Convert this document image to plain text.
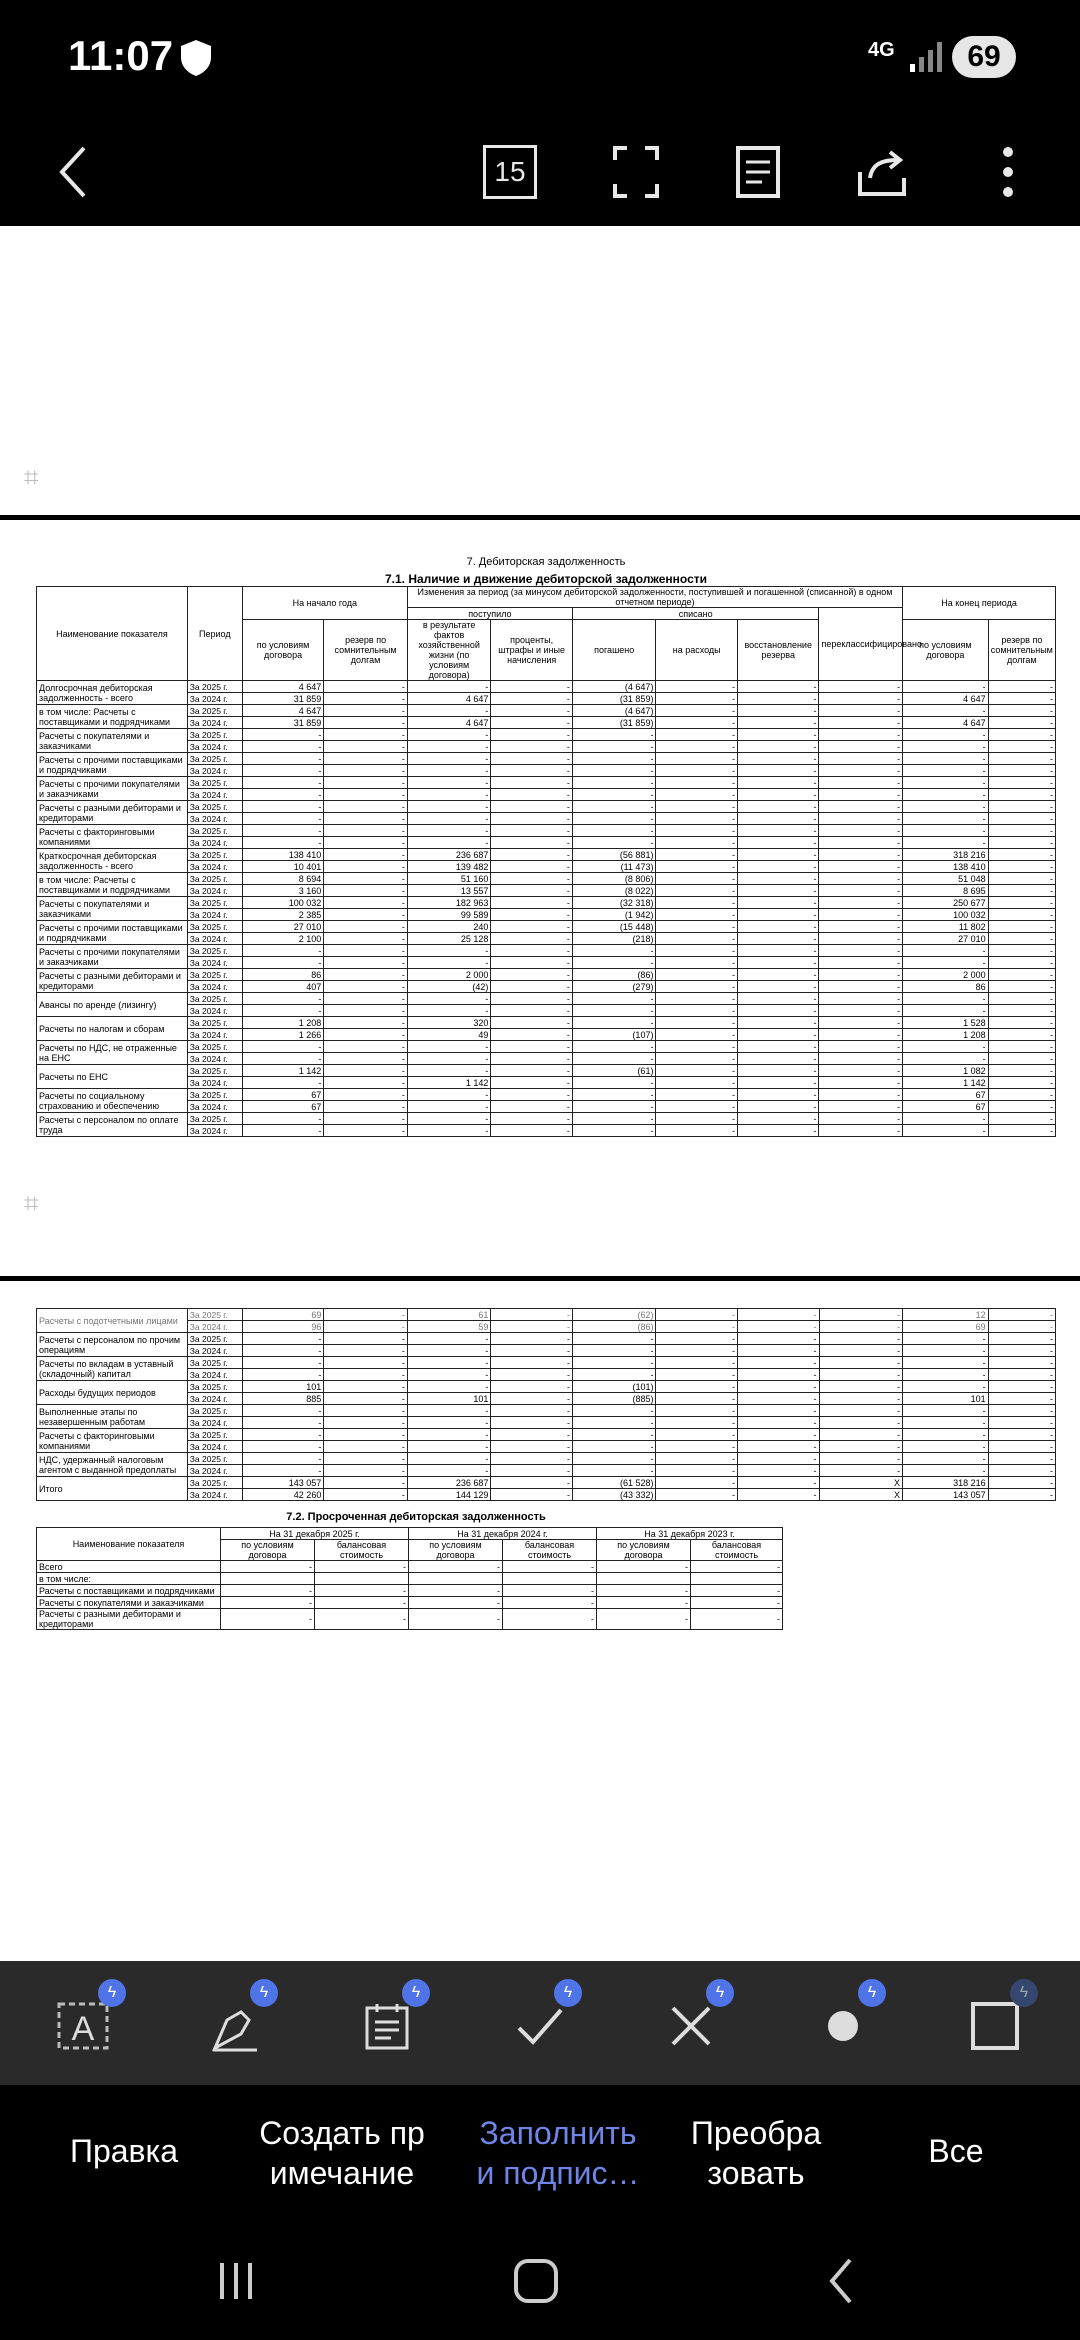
11:07	4G	69
15
⌗
7. Дебиторская задолженность
7.1. Наличие и движение дебиторской задолженности
Наименование показателя	Период	На начало года		Изменения за период (за минусом дебиторской задолженности, поступившей и погашенной (списанной) в одном отчетном периоде)						На конец периода	
				поступило		списано			переклассифицировано		
		по условиям договора	резерв по сомнительным долгам	в результате фактов хозяйственной жизни (по условиям договора)	проценты, штрафы и иные начисления	погашено	на расходы	восстановление резерва		по условиям договора	резерв по сомнительным долгам
Долгосрочная дебиторская задолженность - всего	За 2025 г.	4 647	-	-	-	(4 647)	-	-	-	-	-
	За 2024 г.	31 859	-	4 647	-	(31 859)	-	-	-	4 647	-
в том числе: Расчеты с поставщиками и подрядчиками	За 2025 г.	4 647	-	-	-	(4 647)	-	-	-	-	-
	За 2024 г.	31 859	-	4 647	-	(31 859)	-	-	-	4 647	-
Расчеты с покупателями и заказчиками	За 2025 г.	-	-	-	-	-	-	-	-	-	-
	За 2024 г.	-	-	-	-	-	-	-	-	-	-
Расчеты с прочими поставщиками и подрядчиками	За 2025 г.	-	-	-	-	-	-	-	-	-	-
	За 2024 г.	-	-	-	-	-	-	-	-	-	-
Расчеты с прочими покупателями и заказчиками	За 2025 г.	-	-	-	-	-	-	-	-	-	-
	За 2024 г.	-	-	-	-	-	-	-	-	-	-
Расчеты с разными дебиторами и кредиторами	За 2025 г.	-	-	-	-	-	-	-	-	-	-
	За 2024 г.	-	-	-	-	-	-	-	-	-	-
Расчеты с факторинговыми компаниями	За 2025 г.	-	-	-	-	-	-	-	-	-	-
	За 2024 г.	-	-	-	-	-	-	-	-	-	-
Краткосрочная дебиторская задолженность - всего	За 2025 г.	138 410	-	236 687	-	(56 881)	-	-	-	318 216	-
	За 2024 г.	10 401	-	139 482	-	(11 473)	-	-	-	138 410	-
в том числе: Расчеты с поставщиками и подрядчиками	За 2025 г.	8 694	-	51 160	-	(8 806)	-	-	-	51 048	-
	За 2024 г.	3 160	-	13 557	-	(8 022)	-	-	-	8 695	-
Расчеты с покупателями и заказчиками	За 2025 г.	100 032	-	182 963	-	(32 318)	-	-	-	250 677	-
	За 2024 г.	2 385	-	99 589	-	(1 942)	-	-	-	100 032	-
Расчеты с прочими поставщиками и подрядчиками	За 2025 г.	27 010	-	240	-	(15 448)	-	-	-	11 802	-
	За 2024 г.	2 100	-	25 128	-	(218)	-	-	-	27 010	-
Расчеты с прочими покупателями и заказчиками	За 2025 г.	-	-	-	-	-	-	-	-	-	-
	За 2024 г.	-	-	-	-	-	-	-	-	-	-
Расчеты с разными дебиторами и кредиторами	За 2025 г.	86	-	2 000	-	(86)	-	-	-	2 000	-
	За 2024 г.	407	-	(42)	-	(279)	-	-	-	86	-
Авансы по аренде (лизингу)	За 2025 г.	-	-	-	-	-	-	-	-	-	-
	За 2024 г.	-	-	-	-	-	-	-	-	-	-
Расчеты по налогам и сборам	За 2025 г.	1 208	-	320	-	-	-	-	-	1 528	-
	За 2024 г.	1 266	-	49	-	(107)	-	-	-	1 208	-
Расчеты по НДС, не отраженные на ЕНС	За 2025 г.	-	-	-	-	-	-	-	-	-	-
	За 2024 г.	-	-	-	-	-	-	-	-	-	-
Расчеты по ЕНС	За 2025 г.	1 142	-	-	-	(61)	-	-	-	1 082	-
	За 2024 г.	-	-	1 142	-	-	-	-	-	1 142	-
Расчеты по социальному страхованию и обеспечению	За 2025 г.	67	-	-	-	-	-	-	-	67	-
	За 2024 г.	67	-	-	-	-	-	-	-	67	-
Расчеты с персоналом по оплате труда	За 2025 г.	-	-	-	-	-	-	-	-	-	-
	За 2024 г.	-	-	-	-	-	-	-	-	-	-
⌗
Расчеты с подотчетными лицами	За 2025 г.	69	-	61	-	(62)	-	-	-	12	-
	За 2024 г.	96	-	59	-	(86)	-	-	-	69	-
Расчеты с персоналом по прочим операциям	За 2025 г.	-	-	-	-	-	-	-	-	-	-
	За 2024 г.	-	-	-	-	-	-	-	-	-	-
Расчеты по вкладам в уставный (складочный) капитал	За 2025 г.	-	-	-	-	-	-	-	-	-	-
	За 2024 г.	-	-	-	-	-	-	-	-	-	-
Расходы будущих периодов	За 2025 г.	101	-	-	-	(101)	-	-	-	-	-
	За 2024 г.	885	-	101	-	(885)	-	-	-	101	-
Выполненные этапы по незавершенным работам	За 2025 г.	-	-	-	-	-	-	-	-	-	-
	За 2024 г.	-	-	-	-	-	-	-	-	-	-
Расчеты с факторинговыми компаниями	За 2025 г.	-	-	-	-	-	-	-	-	-	-
	За 2024 г.	-	-	-	-	-	-	-	-	-	-
НДС, удержанный налоговым агентом с выданной предоплаты	За 2025 г.	-	-	-	-	-	-	-	-	-	-
	За 2024 г.	-	-	-	-	-	-	-	-	-	-
Итого	За 2025 г.	143 057	-	236 687	-	(61 528)	-	-	X	318 216	-
	За 2024 г.	42 260	-	144 129	-	(43 332)	-	-	X	143 057	-
7.2. Просроченная дебиторская задолженность
Наименование показателя	На 31 декабря 2025 г.		На 31 декабря 2024 г.		На 31 декабря 2023 г.	
	по условиям договора	балансовая стоимость	по условиям договора	балансовая стоимость	по условиям договора	балансовая стоимость
Всего	-	-	-	-	-	-
в том числе:						
Расчеты с поставщиками и подрядчиками	-	-	-	-	-	-
Расчеты с покупателями и заказчиками	-	-	-	-	-	-
Расчеты с разными дебиторами и кредиторами	-	-	-	-	-	-
A
ϟ	ϟ	ϟ	ϟ	ϟ	ϟ	ϟ
Правка	Создать пр
имечание
Заполнить
и подпис…
Преобра
зовать
Все
